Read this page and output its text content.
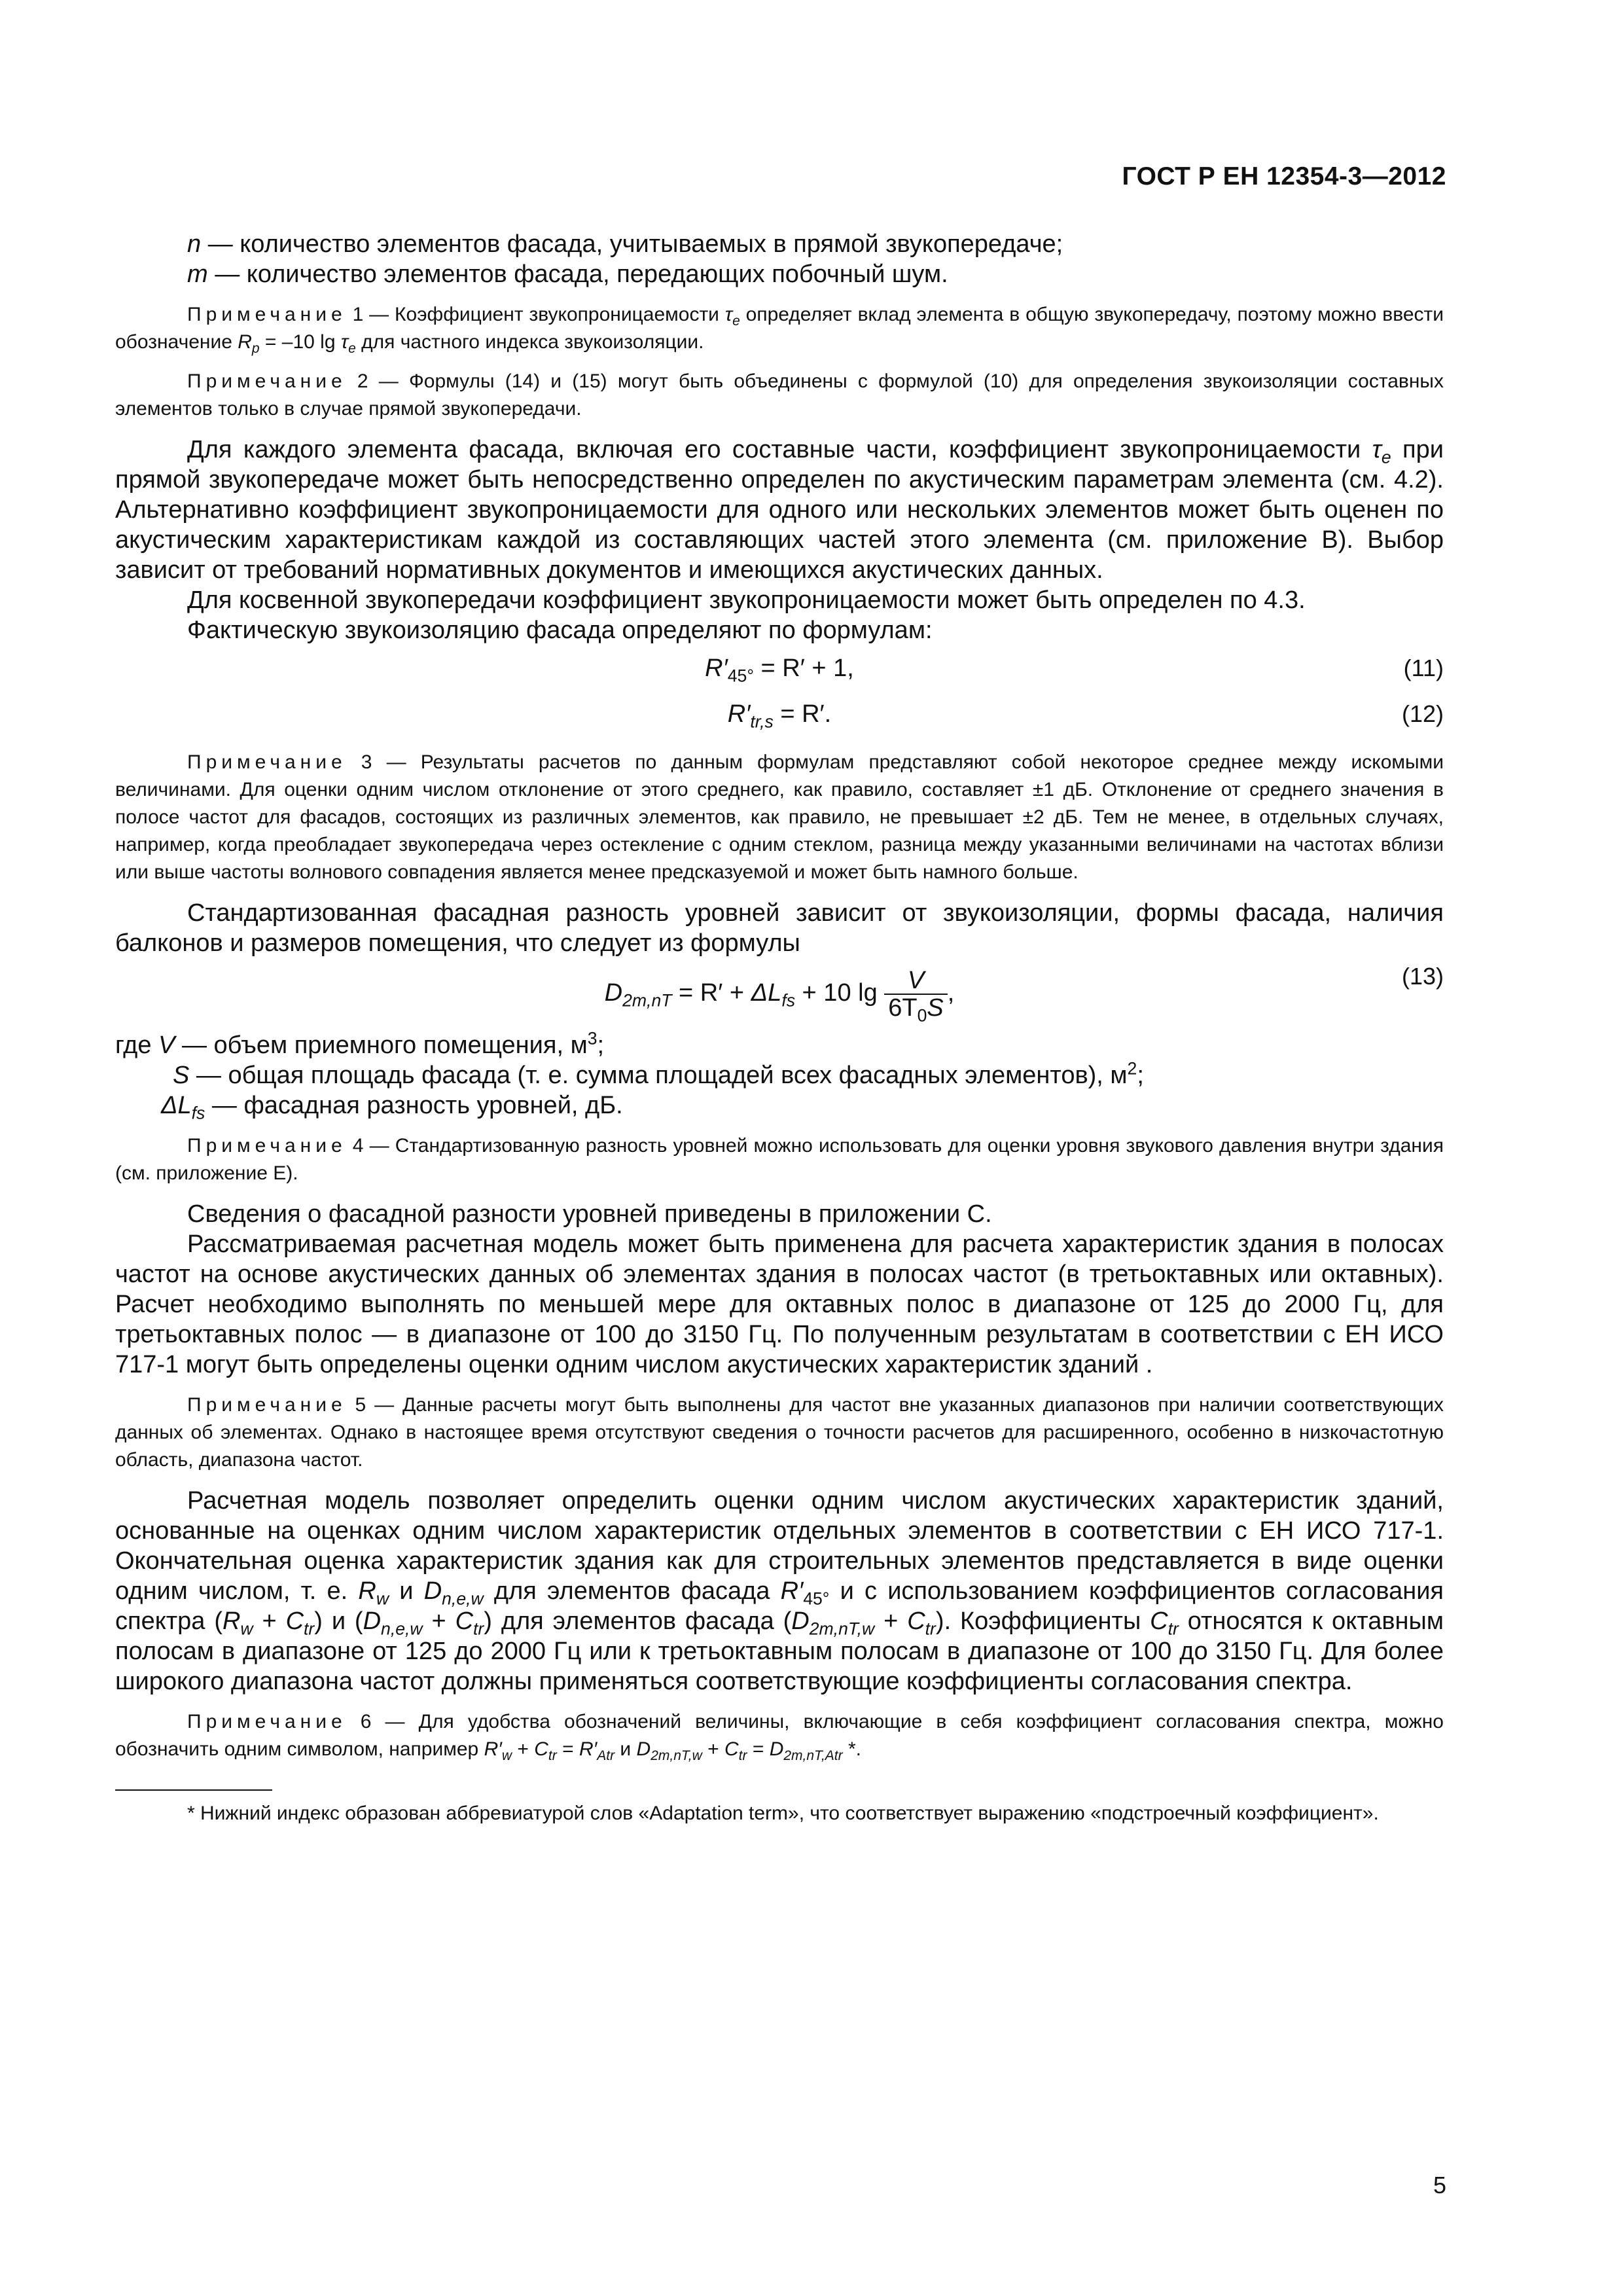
ГОСТ Р ЕН 12354-3—2012

n — количество элементов фасада, учитываемых в прямой звукопередаче;

m — количество элементов фасада, передающих побочный шум.

Примечание 1 — Коэффициент звукопроницаемости $\tau_e$ определяет вклад элемента в общую звукопередачу, поэтому можно ввести обозначение $R_p = -10$ $\lg \tau_e$ для частного индекса звукоизоляции.

Примечание 2 — Формулы (14) и (15) могут быть объединены с формулой (10) для определения звукоизоляции составных элементов только в случае прямой звукопередачи.

Для каждого элемента фасада, включая его составные части, коэффициент звукопроницаемости $\tau_e$ при прямой звукопередаче может быть непосредственно определен по акустическим параметрам элемента (см. 4.2). Альтернативно коэффициент звукопроницаемости для одного или нескольких элементов может быть оценен по акустическим характеристикам каждой из составляющих частей этого элемента (см. приложение В). Выбор зависит от требований нормативных документов и имеющихся акустических данных.

Для косвенной звукопередачи коэффициент звукопроницаемости может быть определен по 4.3.

Фактическую звукоизоляцию фасада определяют по формулам:

$R'_{45^\circ} = R' + 1$,	(11)
$R'_{tr,s} = R'$.	(12)

Примечание 3 — Результаты расчетов по данным формулам представляют собой некоторое среднее между искомыми величинами. Для оценки одним числом отклонение от этого среднего, как правило, составляет ±1 дБ. Отклонение от среднего значения в полосе частот для фасадов, состоящих из различных элементов, как правило, не превышает ±2 дБ. Тем не менее, в отдельных случаях, например, когда преобладает звукопередача через остекление с одним стеклом, разница между указанными величинами на частотах вблизи или выше частоты волнового совпадения является менее предсказуемой и может быть намного больше.

Стандартизованная фасадная разность уровней зависит от звукоизоляции, формы фасада, наличия балконов и размеров помещения, что следует из формулы

$D_{2m,nT} = R' + \Delta L_{fs} + 10$ $\lg \frac{V}{6T_0S}$ ,
(13)

где V — объем приемного помещения, $м^3$;

S — общая площадь фасада (т. е. сумма площадей всех фасадных элементов), $м^2$;

$\Delta L_{fs}$ — фасадная разность уровней, дБ.

Примечание 4 — Стандартизованную разность уровней можно использовать для оценки уровня звукового давления внутри здания (см. приложение Е).

Сведения о фасадной разности уровней приведены в приложении С.

Рассматриваемая расчетная модель может быть применена для расчета характеристик здания в полосах частот на основе акустических данных об элементах здания в полосах частот (в третьоктавных или октавных). Расчет необходимо выполнять по меньшей мере для октавных полос в диапазоне от 125 до 2000 Гц, для третьоктавных полос — в диапазоне от 100 до 3150 Гц. По полученным результатам в соответствии с ЕН ИСО 717-1 могут быть определены оценки одним числом акустических характеристик зданий .

Примечание 5 — Данные расчеты могут быть выполнены для частот вне указанных диапазонов при наличии соответствующих данных об элементах. Однако в настоящее время отсутствуют сведения о точности расчетов для расширенного, особенно в низкочастотную область, диапазона частот.

Расчетная модель позволяет определить оценки одним числом акустических характеристик зданий, основанные на оценках одним числом характеристик отдельных элементов в соответствии с ЕН ИСО 717-1. Окончательная оценка характеристик здания как для строительных элементов представляется в виде оценки одним числом, т. е. $R_w$ и $D_{n,e,w}$ для элементов фасада $R'_{45^\circ}$ и с использованием коэффициентов согласования спектра $(R_w + C_{tr})$ и $(D_{n,e,w} + C_{tr})$ для элементов фасада $(D_{2m,nT,w} + C_{tr})$. Коэффициенты $C_{tr}$ относятся к октавным полосам в диапазоне от 125 до 2000 Гц или к третьоктавным полосам в диапазоне от 100 до 3150 Гц. Для более широкого диапазона частот должны применяться соответствующие коэффициенты согласования спектра.

Примечание 6 — Для удобства обозначений величины, включающие в себя коэффициент согласования спектра, можно обозначить одним символом, например $R'_w + C_{tr} = R'_{Atr}$ и $D_{2m,nT,w} + C_{tr} = D_{2m,nT,Atr}$ *.

* Нижний индекс образован аббревиатурой слов «Adaptation term», что соответствует выражению «подстроечный коэффициент».

5
